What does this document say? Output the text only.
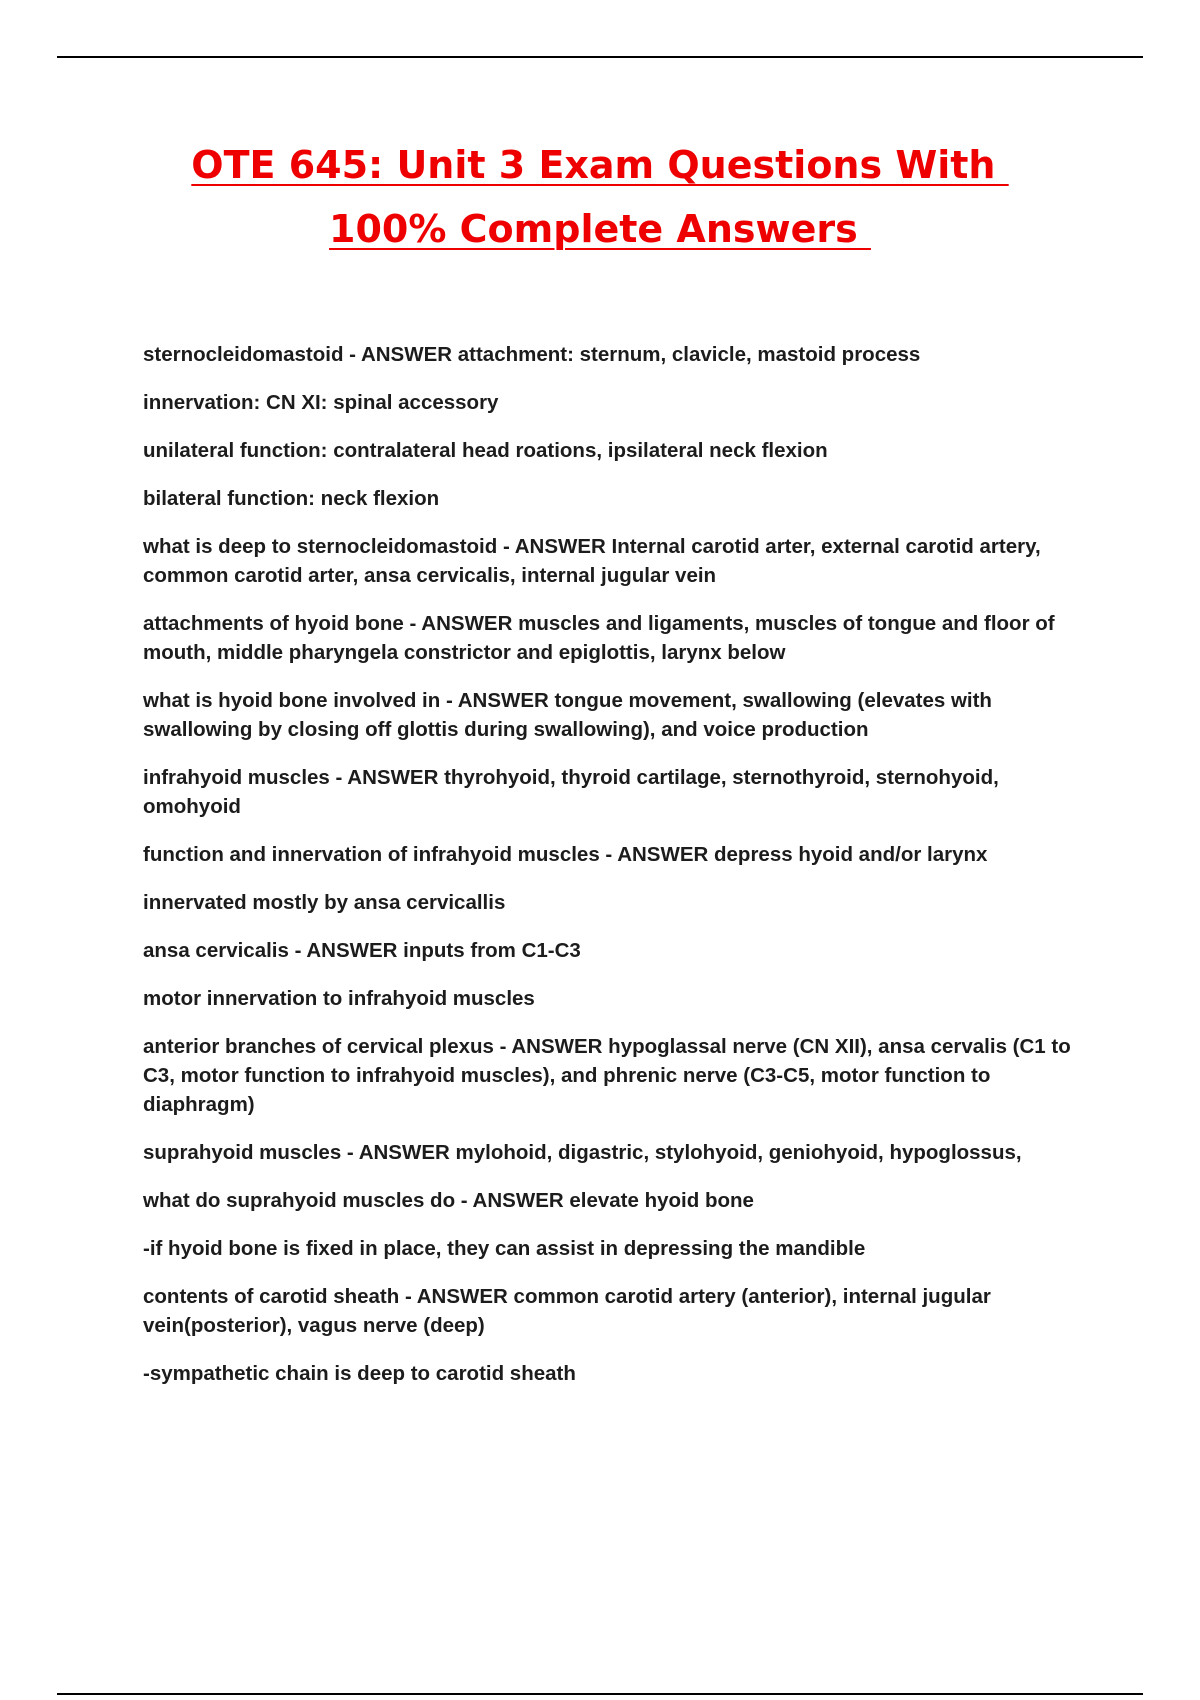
OTE 645: Unit 3 Exam Questions With
100% Complete Answers

sternocleidomastoid - ANSWER attachment: sternum, clavicle, mastoid process

innervation: CN XI: spinal accessory

unilateral function: contralateral head roations, ipsilateral neck flexion

bilateral function: neck flexion

what is deep to sternocleidomastoid - ANSWER Internal carotid arter, external carotid artery, common carotid arter, ansa cervicalis, internal jugular vein

attachments of hyoid bone - ANSWER muscles and ligaments, muscles of tongue and floor of mouth, middle pharyngela constrictor and epiglottis, larynx below

what is hyoid bone involved in - ANSWER tongue movement, swallowing (elevates with swallowing by closing off glottis during swallowing), and voice production

infrahyoid muscles - ANSWER thyrohyoid, thyroid cartilage, sternothyroid, sternohyoid, omohyoid

function and innervation of infrahyoid muscles - ANSWER depress hyoid and/or larynx

innervated mostly by ansa cervicallis

ansa cervicalis - ANSWER inputs from C1-C3

motor innervation to infrahyoid muscles

anterior branches of cervical plexus - ANSWER hypoglassal nerve (CN XII), ansa cervalis (C1 to C3, motor function to infrahyoid muscles), and phrenic nerve (C3-C5, motor function to diaphragm)

suprahyoid muscles - ANSWER mylohoid, digastric, stylohyoid, geniohyoid, hypoglossus,

what do suprahyoid muscles do - ANSWER elevate hyoid bone

-if hyoid bone is fixed in place, they can assist in depressing the mandible

contents of carotid sheath - ANSWER common carotid artery (anterior), internal jugular vein(posterior), vagus nerve (deep)

-sympathetic chain is deep to carotid sheath
